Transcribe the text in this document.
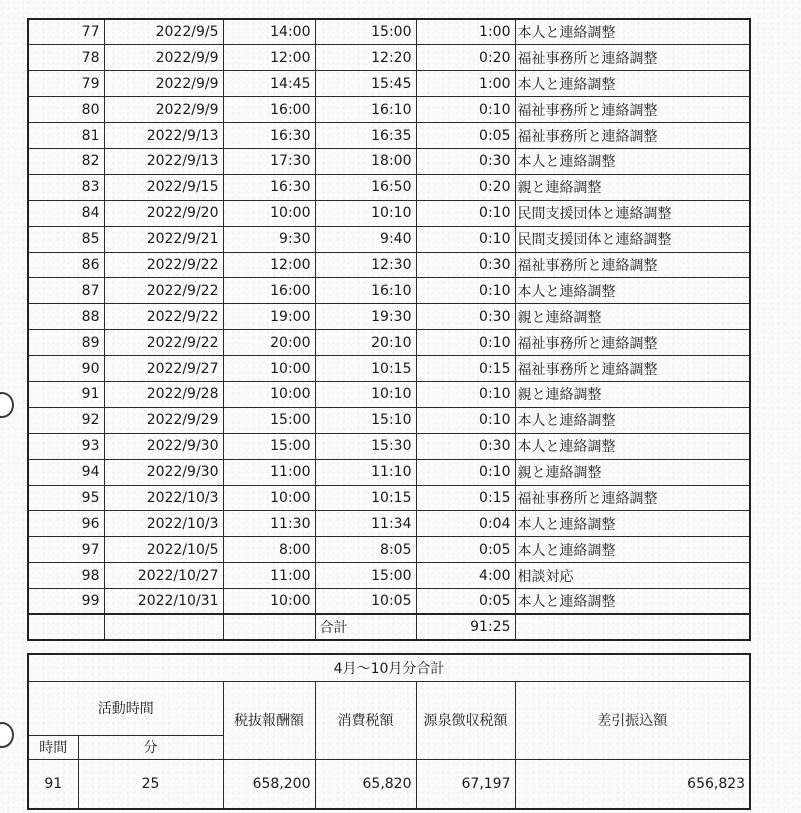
77	2022/9/5	14:00	15:00	1:00	本人と連絡調整
78	2022/9/9	12:00	12:20	0:20	福祉事務所と連絡調整
79	2022/9/9	14:45	15:45	1:00	本人と連絡調整
80	2022/9/9	16:00	16:10	0:10	福祉事務所と連絡調整
81	2022/9/13	16:30	16:35	0:05	福祉事務所と連絡調整
82	2022/9/13	17:30	18:00	0:30	本人と連絡調整
83	2022/9/15	16:30	16:50	0:20	親と連絡調整
84	2022/9/20	10:00	10:10	0:10	民間支援団体と連絡調整
85	2022/9/21	9:30	9:40	0:10	民間支援団体と連絡調整
86	2022/9/22	12:00	12:30	0:30	福祉事務所と連絡調整
87	2022/9/22	16:00	16:10	0:10	本人と連絡調整
88	2022/9/22	19:00	19:30	0:30	親と連絡調整
89	2022/9/22	20:00	20:10	0:10	福祉事務所と連絡調整
90	2022/9/27	10:00	10:15	0:15	福祉事務所と連絡調整
91	2022/9/28	10:00	10:10	0:10	親と連絡調整
92	2022/9/29	15:00	15:10	0:10	本人と連絡調整
93	2022/9/30	15:00	15:30	0:30	本人と連絡調整
94	2022/9/30	11:00	11:10	0:10	親と連絡調整
95	2022/10/3	10:00	10:15	0:15	福祉事務所と連絡調整
96	2022/10/3	11:30	11:34	0:04	本人と連絡調整
97	2022/10/5	8:00	8:05	0:05	本人と連絡調整
98	2022/10/27	11:00	15:00	4:00	相談対応
99	2022/10/31	10:00	10:05	0:05	本人と連絡調整
			合計	91:25	
4月～10月分合計					
活動時間		税抜報酬額	消費税額	源泉徴収税額	差引振込額
時間	分				
91	25	658,200	65,820	67,197	656,823
